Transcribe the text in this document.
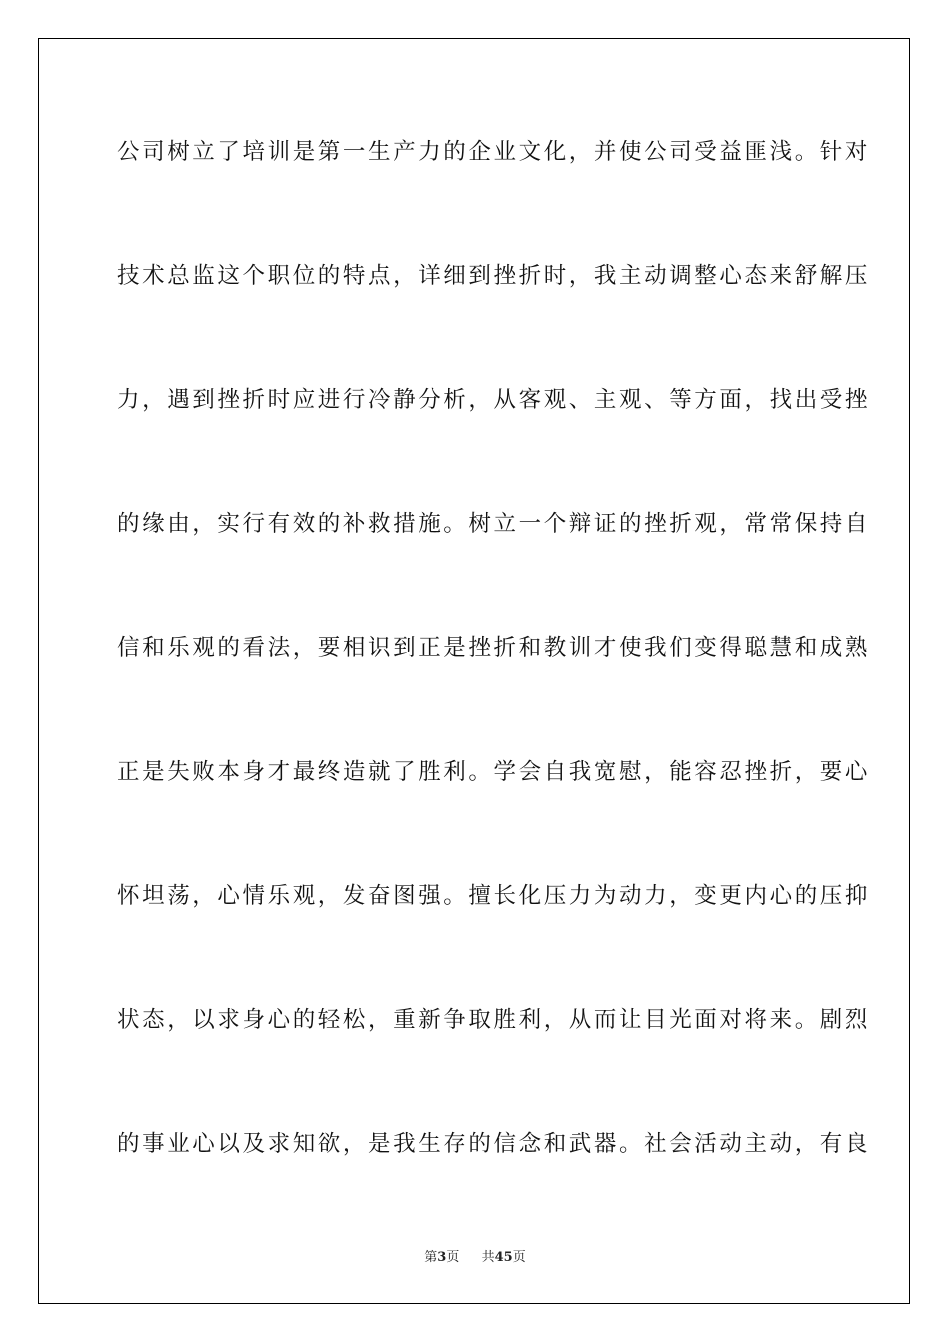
公司树立了培训是第一生产力的企业文化，并使公司受益匪浅。针对
技术总监这个职位的特点，详细到挫折时，我主动调整心态来舒解压
力，遇到挫折时应进行冷静分析，从客观、主观、等方面，找出受挫
的缘由，实行有效的补救措施。树立一个辩证的挫折观，常常保持自
信和乐观的看法，要相识到正是挫折和教训才使我们变得聪慧和成熟
正是失败本身才最终造就了胜利。学会自我宽慰，能容忍挫折，要心
怀坦荡，心情乐观，发奋图强。擅长化压力为动力，变更内心的压抑
状态，以求身心的轻松，重新争取胜利，从而让目光面对将来。剧烈
的事业心以及求知欲，是我生存的信念和武器。社会活动主动，有良
第3页 共45页
